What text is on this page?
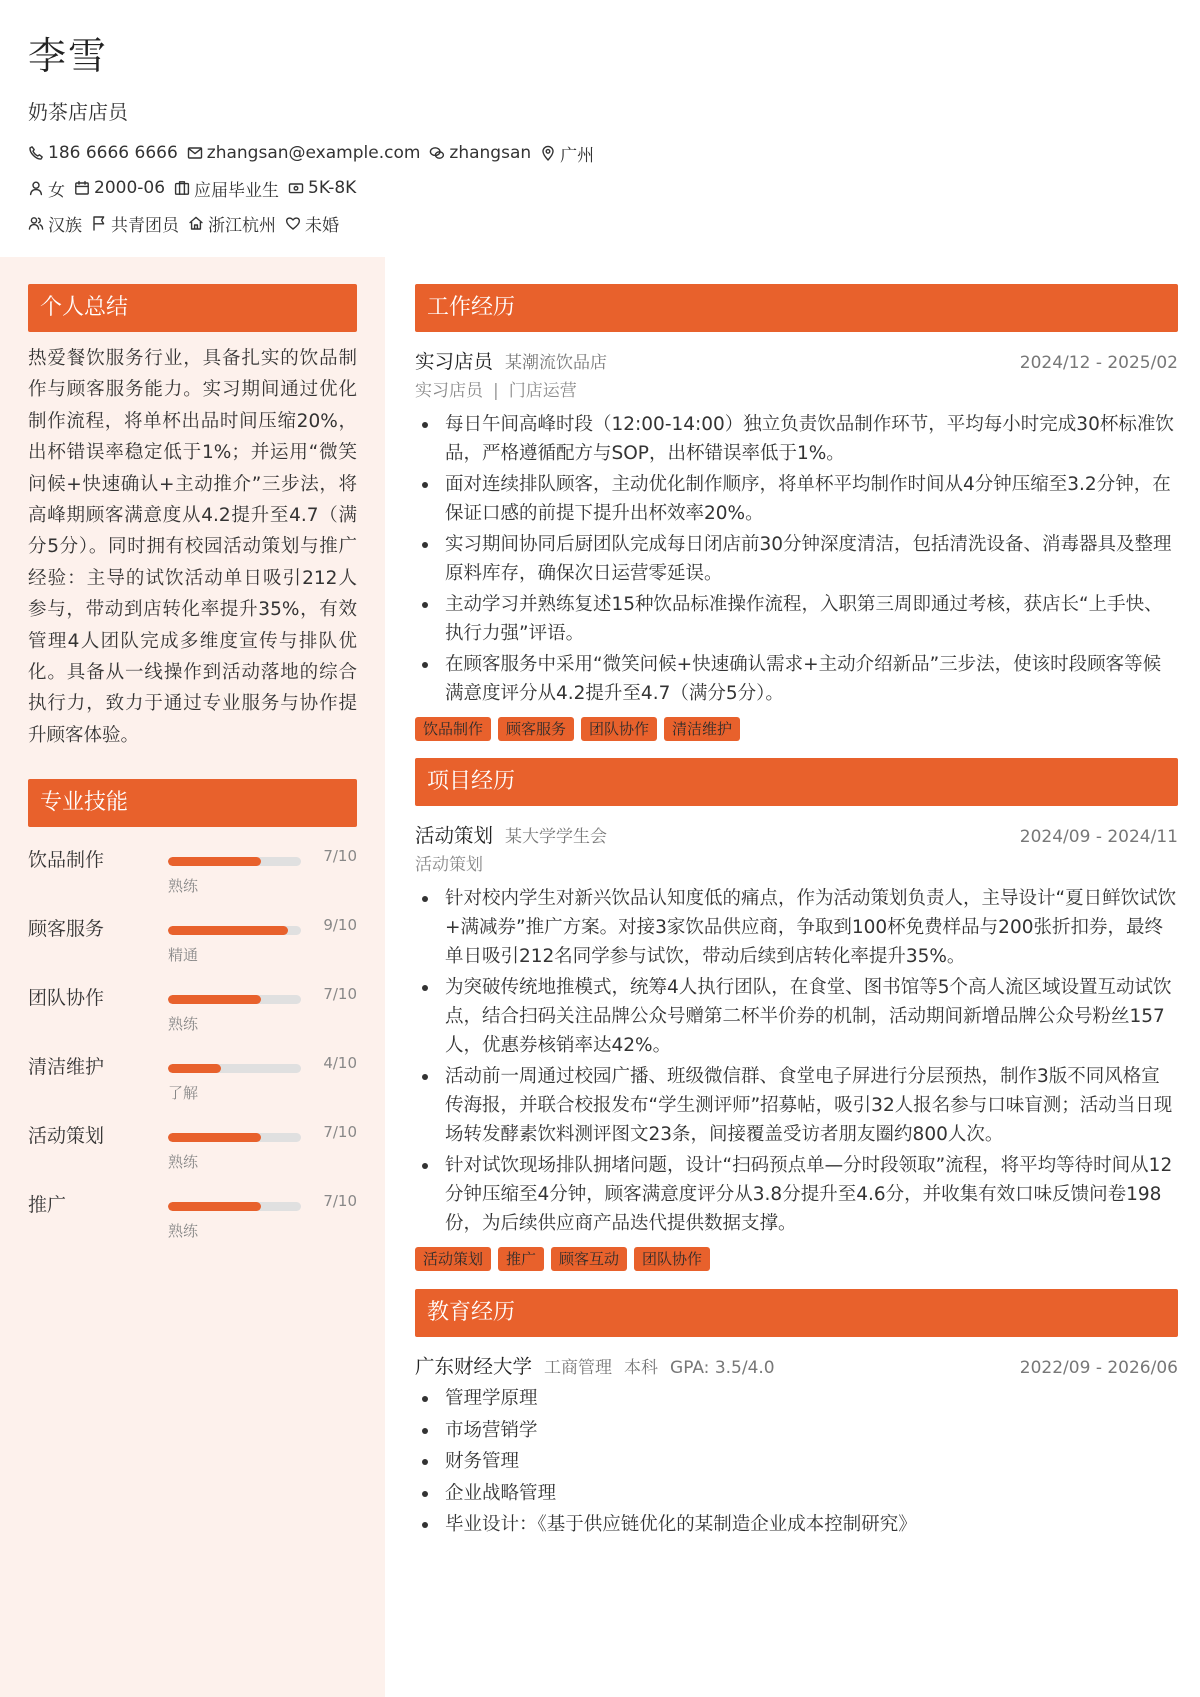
李雪
奶茶店店员
186 6666 6666 zhangsan@example.com zhangsan 广州
女 2000-06 应届毕业生 5K-8K
汉族 共青团员 浙江杭州 未婚
个人总结

热爱餐饮服务行业，具备扎实的饮品制作与顾客服务能力。实习期间通过优化制作流程，将单杯出品时间压缩20%，出杯错误率稳定低于1%；并运用“微笑问候+快速确认+主动推介”三步法，将高峰期顾客满意度从4.2提升至4.7（满分5分）。同时拥有校园活动策划与推广经验：主导的试饮活动单日吸引212人参与，带动到店转化率提升35%，有效管理4人团队完成多维度宣传与排队优化。具备从一线操作到活动落地的综合执行力，致力于通过专业服务与协作提升顾客体验。

专业技能
饮品制作	7/10
熟练
顾客服务	9/10
精通
团队协作	7/10
熟练
清洁维护	4/10
了解
活动策划	7/10
熟练
推广	7/10
熟练
工作经历
实习店员 某潮流饮品店	2024/12 - 2025/02
实习店员 | 门店运营
每日午间高峰时段（12:00-14:00）独立负责饮品制作环节，平均每小时完成30杯标准饮品，严格遵循配方与SOP，出杯错误率低于1%。
面对连续排队顾客，主动优化制作顺序，将单杯平均制作时间从4分钟压缩至3.2分钟，在保证口感的前提下提升出杯效率20%。
实习期间协同后厨团队完成每日闭店前30分钟深度清洁，包括清洗设备、消毒器具及整理原料库存，确保次日运营零延误。
主动学习并熟练复述15种饮品标准操作流程，入职第三周即通过考核，获店长“上手快、执行力强”评语。
在顾客服务中采用“微笑问候+快速确认需求+主动介绍新品”三步法，使该时段顾客等候满意度评分从4.2提升至4.7（满分5分）。
饮品制作	顾客服务	团队协作	清洁维护
项目经历
活动策划 某大学学生会	2024/09 - 2024/11
活动策划
针对校内学生对新兴饮品认知度低的痛点，作为活动策划负责人，主导设计“夏日鲜饮试饮+满减券”推广方案。对接3家饮品供应商，争取到100杯免费样品与200张折扣券，最终单日吸引212名同学参与试饮，带动后续到店转化率提升35%。
为突破传统地推模式，统筹4人执行团队，在食堂、图书馆等5个高人流区域设置互动试饮点，结合扫码关注品牌公众号赠第二杯半价券的机制，活动期间新增品牌公众号粉丝157人，优惠券核销率达42%。
活动前一周通过校园广播、班级微信群、食堂电子屏进行分层预热，制作3版不同风格宣传海报，并联合校报发布“学生测评师”招募帖，吸引32人报名参与口味盲测；活动当日现场转发酵素饮料测评图文23条，间接覆盖受访者朋友圈约800人次。
针对试饮现场排队拥堵问题，设计“扫码预点单—分时段领取”流程，将平均等待时间从12分钟压缩至4分钟，顾客满意度评分从3.8分提升至4.6分，并收集有效口味反馈问卷198份，为后续供应商产品迭代提供数据支撑。
活动策划	推广	顾客互动	团队协作
教育经历
广东财经大学 工商管理 本科 GPA: 3.5/4.0	2022/09 - 2026/06
管理学原理
市场营销学
财务管理
企业战略管理
毕业设计：《基于供应链优化的某制造企业成本控制研究》
